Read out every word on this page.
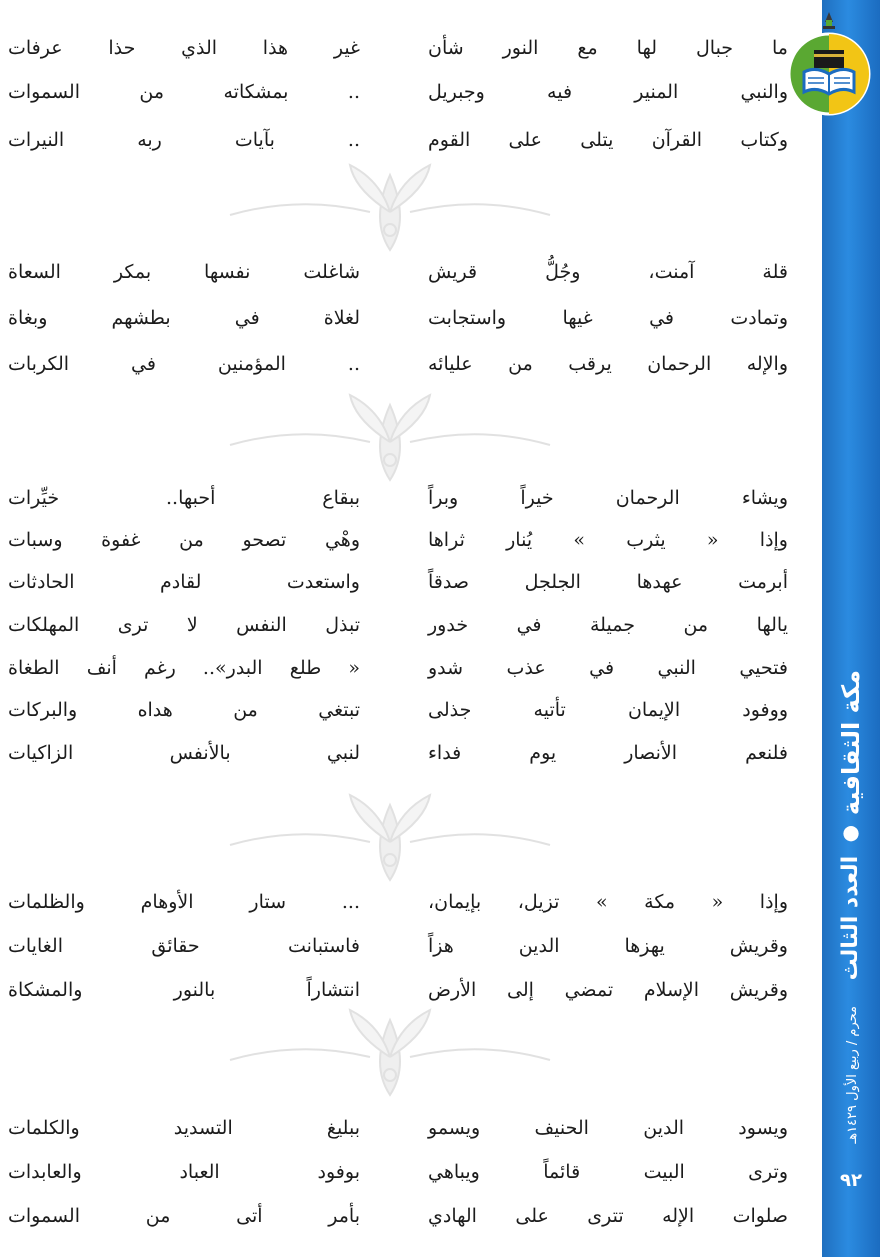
مكة الثقافية ● العدد الثالث
محرم / ربيع الأول ١٤٢٩هـ
٩٢
ما جبال لها مع النور شأن
غير هذا الذي حذا عرفات
والنبي المنير فيه وجبريل
.. بمشكاته من السموات
وكتاب القرآن يتلى على القوم
.. بآيات ربه النيرات
قلة آمنت، وجُلُّ قريش
شاغلت نفسها بمكر السعاة
وتمادت في غيها واستجابت
لغلاة في بطشهم وبغاة
والإله الرحمان يرقب من عليائه
.. المؤمنين في الكربات
ويشاء الرحمان خيراً وبراً
ببقاع أحبها.. خيِّرات
وإذا « يثرب » يُنار ثراها
وهْي تصحو من غفوة وسبات
أبرمت عهدها الجلجل صدقاً
واستعدت لقادم الحادثات
يالها من جميلة في خدور
تبذل النفس لا ترى المهلكات
فتحيي النبي في عذب شدو
« طلع البدر».. رغم أنف الطغاة
ووفود الإيمان تأتيه جذلى
تبتغي من هداه والبركات
فلنعم الأنصار يوم فداء
لنبي بالأنفس الزاكيات
وإذا « مكة » تزيل، بإيمان،
... ستار الأوهام والظلمات
وقريش يهزها الدين هزاً
فاستبانت حقائق الغايات
وقريش الإسلام تمضي إلى الأرض
انتشاراً بالنور والمشكاة
ويسود الدين الحنيف ويسمو
ببليغ التسديد والكلمات
وترى البيت قائماً ويباهي
بوفود العباد والعابدات
صلوات الإله تترى على الهادي
بأمر أتى من السموات
